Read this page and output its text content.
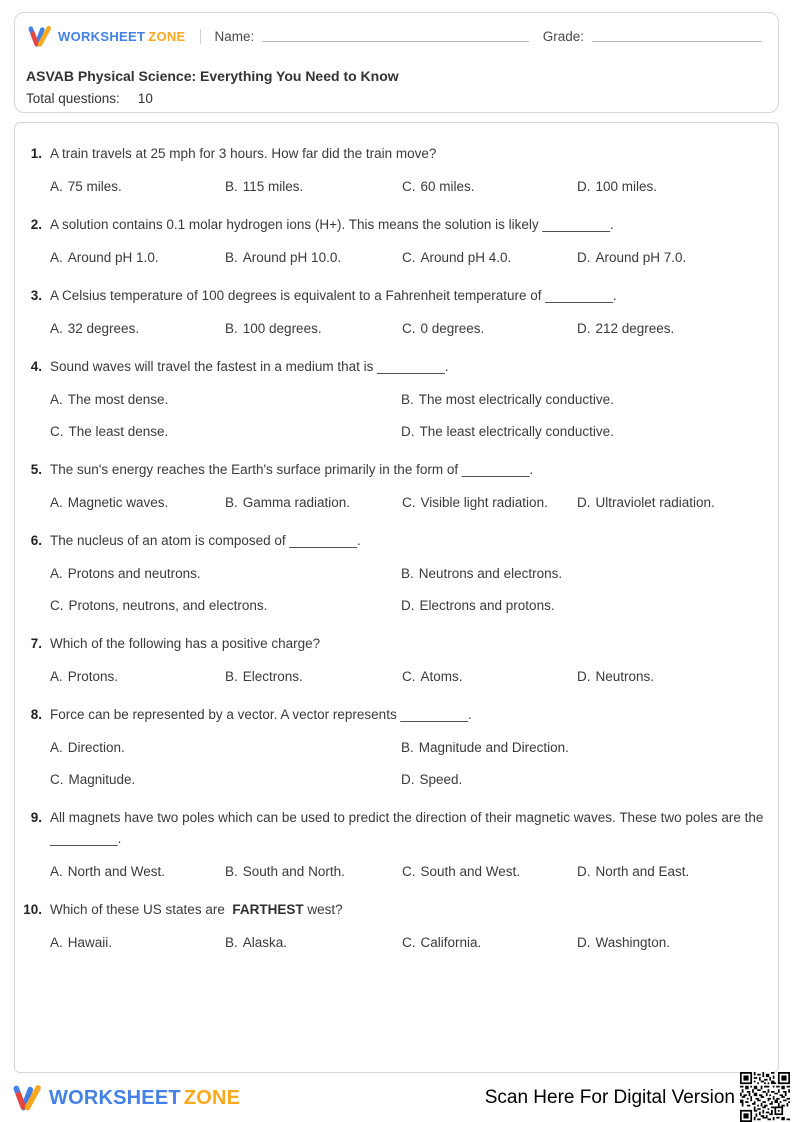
WORKSHEET ZONE Name:	Grade:
ASVAB Physical Science: Everything You Need to Know
Total questions: 10
1. A train travels at 25 mph for 3 hours. How far did the train move?
A. 75 miles.	B. 115 miles.	C. 60 miles.	D. 100 miles.
2. A solution contains 0.1 molar hydrogen ions (H+). This means the solution is likely _________.
A. Around pH 1.0.	B. Around pH 10.0.	C. Around pH 4.0.	D. Around pH 7.0.
3. A Celsius temperature of 100 degrees is equivalent to a Fahrenheit temperature of _________.
A. 32 degrees.	B. 100 degrees.	C. 0 degrees.	D. 212 degrees.
4. Sound waves will travel the fastest in a medium that is _________.
A. The most dense.	B. The most electrically conductive.
C. The least dense.	D. The least electrically conductive.
5. The sun's energy reaches the Earth's surface primarily in the form of _________.
A. Magnetic waves.	B. Gamma radiation.	C. Visible light radiation.	D. Ultraviolet radiation.
6. The nucleus of an atom is composed of _________.
A. Protons and neutrons.	B. Neutrons and electrons.
C. Protons, neutrons, and electrons.	D. Electrons and protons.
7. Which of the following has a positive charge?
A. Protons.	B. Electrons.	C. Atoms.	D. Neutrons.
8. Force can be represented by a vector. A vector represents _________.
A. Direction.	B. Magnitude and Direction.
C. Magnitude.	D. Speed.
9. All magnets have two poles which can be used to predict the direction of their magnetic waves. These two poles are the _________.
A. North and West.	B. South and North.	C. South and West.	D. North and East.
10. Which of these US states are  FARTHEST west?
A. Hawaii.	B. Alaska.	C. California.	D. Washington.
WORKSHEET ZONE	Scan Here For Digital Version
